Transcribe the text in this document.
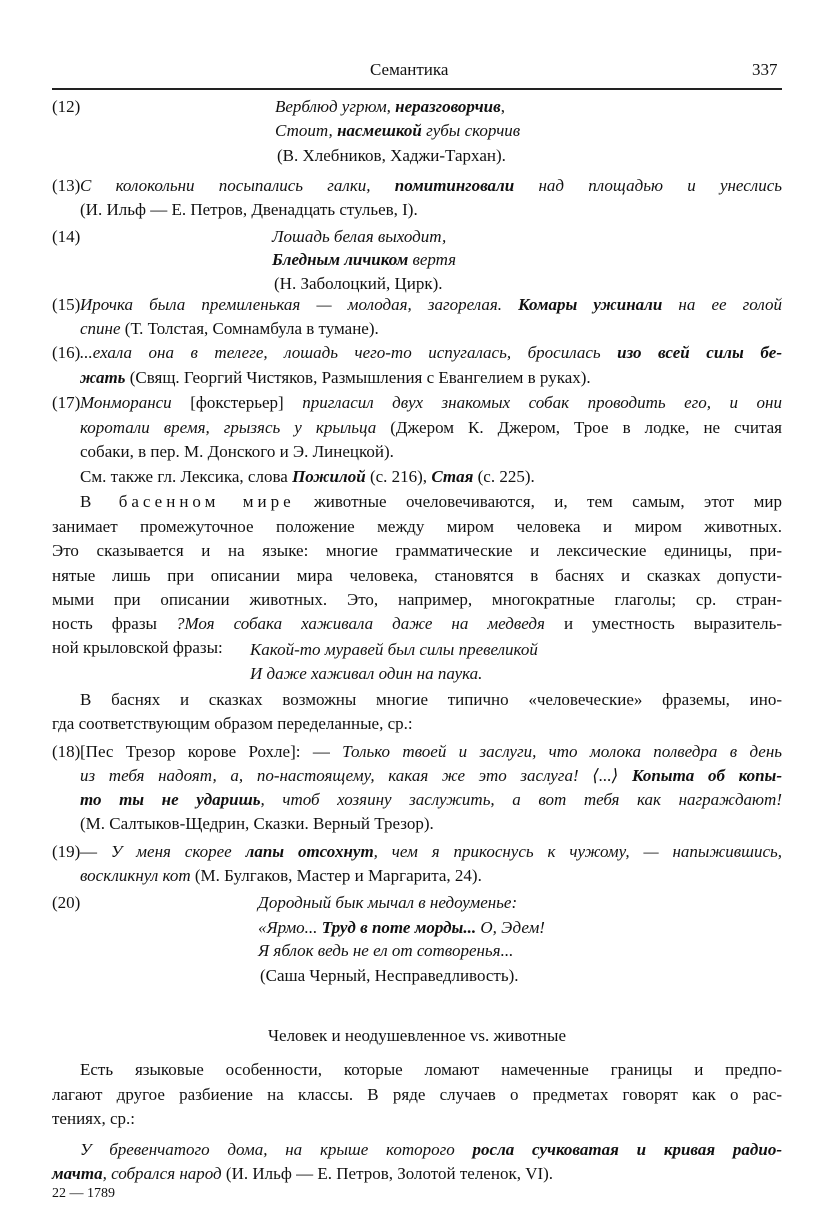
Семантика	337
22 — 1789
(12)
(13)
(14)
(15)
(16)
(17)
(18)
(19)
(20)
Верблюд угрюм, неразговорчив,
Стоит, насмешкой губы скорчив
(В. Хлебников, Хаджи-Тархан).
С колокольни посыпались галки, помитинговали над площадью и унеслись
(И. Ильф — Е. Петров, Двенадцать стульев, I).
Лошадь белая выходит,
Бледным личиком вертя
(Н. Заболоцкий, Цирк).
Ирочка была премиленькая — молодая, загорелая. Комары ужинали на ее голой
спине (Т. Толстая, Сомнамбула в тумане).
...ехала она в телеге, лошадь чего-то испугалась, бросилась изо всей силы бе-
жать (Свящ. Георгий Чистяков, Размышления с Евангелием в руках).
Монморанси [фокстерьер] пригласил двух знакомых собак проводить его, и они
коротали время, грызясь у крыльца (Джером К. Джером, Трое в лодке, не считая
собаки, в пер. М. Донского и Э. Линецкой).
См. также гл. Лексика, слова Пожилой (с. 216), Стая (с. 225).
В басенном мире животные очеловечиваются, и, тем самым, этот мир
занимает промежуточное положение между миром человека и миром животных.
Это сказывается и на языке: многие грамматические и лексические единицы, при-
нятые лишь при описании мира человека, становятся в баснях и сказках допусти-
мыми при описании животных. Это, например, многократные глаголы; ср. стран-
ность фразы ?Моя собака хаживала даже на медведя и уместность выразитель-
ной крыловской фразы: Какой-то муравей был силы превеликой
И даже хаживал один на паука.
В баснях и сказках возможны многие типично «человеческие» фраземы, ино-
гда соответствующим образом переделанные, ср.:
[Пес Трезор корове Рохле]: — Только твоей и заслуги, что молока полведра в день
из тебя надоят, а, по-настоящему, какая же это заслуга! ⟨...⟩ Копыта об копы-
то ты не ударишь, чтоб хозяину заслужить, а вот тебя как награждают!
(М. Салтыков-Щедрин, Сказки. Верный Трезор).
— У меня скорее лапы отсохнут, чем я прикоснусь к чужому, — напыжившись,
воскликнул кот (М. Булгаков, Мастер и Маргарита, 24).
Дородный бык мычал в недоуменье:
«Ярмо... Труд в поте морды... О, Эдем!
Я яблок ведь не ел от сотворенья...
(Саша Черный, Несправедливость).
Человек и неодушевленное vs. животные
Есть языковые особенности, которые ломают намеченные границы и предпо-
лагают другое разбиение на классы. В ряде случаев о предметах говорят как о рас-
тениях, ср.:
У бревенчатого дома, на крыше которого росла сучковатая и кривая радио-
мачта, собрался народ (И. Ильф — Е. Петров, Золотой теленок, VI).
